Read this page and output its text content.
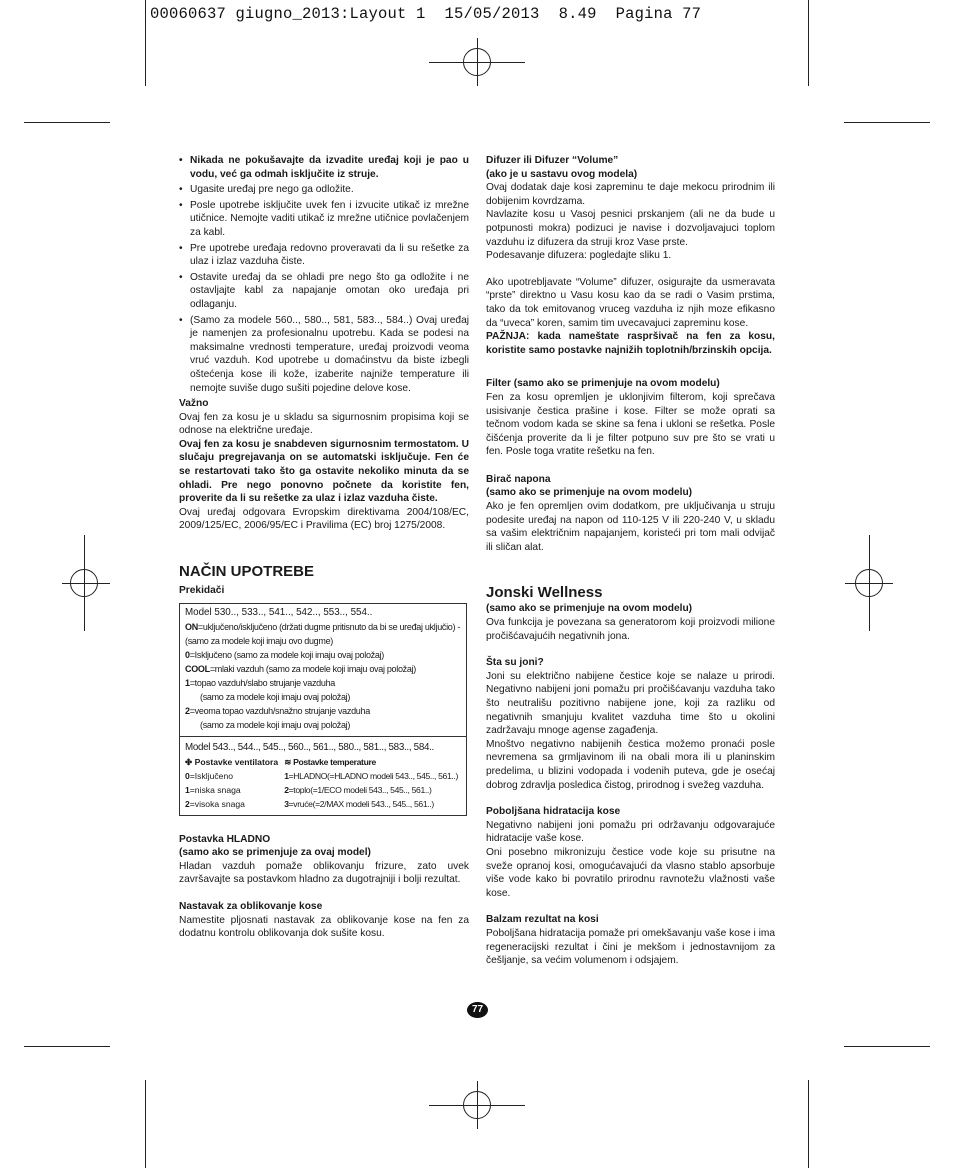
00060637 giugno_2013:Layout 1  15/05/2013  8.49  Pagina 77
• Nikada ne pokušavajte da izvadite uređaj koji je pao u vodu, već ga odmah isključite iz struje.
• Ugasite uređaj pre nego ga odložite.
• Posle upotrebe isključite uvek fen i izvucite utikač iz mrežne utičnice. Nemojte vaditi utikač iz mrežne utičnice povlačenjem za kabl.
• Pre upotrebe uređaja redovno proveravati da li su rešetke za ulaz i izlaz vazduha čiste.
• Ostavite uređaj da se ohladi pre nego što ga odložite i ne ostavljajte kabl za napajanje omotan oko uređaja pri odlaganju.
• (Samo za modele 560.., 580.., 581, 583.., 584..) Ovaj uređaj je namenjen za profesionalnu upotrebu. Kada se podesi na maksimalne vrednosti temperature, uređaj proizvodi veoma vruć vazduh. Kod upotrebe u domaćinstvu da biste izbegli oštećenja kose ili kože, izaberite najniže temperature ili nemojte suviše dugo sušiti pojedine delove kose.

Važno

Ovaj fen za kosu je u skladu sa sigurnosnim propisima koji se odnose na električne uređaje.

Ovaj fen za kosu je snabdeven sigurnosnim termostatom. U slučaju pregrejavanja on se automatski isključuje. Fen će se restartovati tako što ga ostavite nekoliko minuta da se ohladi. Pre nego ponovno počnete da koristite fen, proverite da li su rešetke za ulaz i izlaz vazduha čiste.

Ovaj uređaj odgovara Evropskim direktivama 2004/108/EC, 2009/125/EC, 2006/95/EC i Pravilima (EC) broj 1275/2008.

NAČIN UPOTREBE

Prekidači

Model 530.., 533.., 541.., 542.., 553.., 554..
ON=uključeno/isključeno (držati dugme pritisnuto da bi se uređaj uključio) - (samo za modele koji imaju ovo dugme)
0=Isključeno (samo za modele koji imaju ovaj položaj)
COOL=mlaki vazduh (samo za modele koji imaju ovaj položaj)
1=topao vazduh/slabo strujanje vazduha
(samo za modele koji imaju ovaj položaj)
2=veoma topao vazduh/snažno strujanje vazduha
(samo za modele koji imaju ovaj položaj)
Model 543.., 544.., 545.., 560.., 561.., 580.., 581.., 583.., 584..
✤ Postavke ventilatora
0=Isključeno
1=niska snaga
2=visoka snaga
≋ Postavke temperature
1=HLADNO(=HLADNO modeli 543.., 545.., 561..)
2=toplo(=1/ECO modeli 543.., 545.., 561..)
3=vruće(=2/MAX modeli 543.., 545.., 561..)

Postavka HLADNO

(samo ako se primenjuje za ovaj model)

Hladan vazduh pomaže oblikovanju frizure, zato uvek završavajte sa postavkom hladno za dugotrajniji i bolji rezultat.

Nastavak za oblikovanje kose

Namestite pljosnati nastavak za oblikovanje kose na fen za dodatnu kontrolu oblikovanja dok sušite kosu.

Difuzer ili Difuzer “Volume”

(ako je u sastavu ovog modela)

Ovaj dodatak daje kosi zapreminu te daje mekocu prirodnim ili dobijenim kovrdzama.

Navlazite kosu u Vasoj pesnici prskanjem (ali ne da bude u potpunosti mokra) podizuci je navise i dozvoljavajuci toplom vazduhu iz difuzera da struji kroz Vase prste.

Podesavanje difuzera: pogledajte sliku 1.

Ako upotrebljavate “Volume” difuzer, osigurajte da usmeravata “prste” direktno u Vasu kosu kao da se radi o Vasim prstima, tako da tok emitovanog vruceg vazduha iz njih moze efikasno da “uveca” koren, samim tim uvecavajuci zapreminu kose.

PAŽNJA: kada nameštate raspršivač na fen za kosu, koristite samo postavke najnižih toplotnih/brzinskih opcija.

Filter (samo ako se primenjuje na ovom modelu)

Fen za kosu opremljen je uklonjivim filterom, koji sprečava usisivanje čestica prašine i kose. Filter se može oprati sa tečnom vodom kada se skine sa fena i ukloni se rešetka. Posle čišćenja proverite da li je filter potpuno suv pre što se vrati u fen. Posle toga vratite rešetku na fen.

Birač napona

(samo ako se primenjuje na ovom modelu)

Ako je fen opremljen ovim dodatkom, pre uključivanja u struju podesite uređaj na napon od 110-125 V ili 220-240 V, u skladu sa vašim električnim napajanjem, koristeći pri tom mali odvijač ili sličan alat.

Jonski Wellness

(samo ako se primenjuje na ovom modelu)

Ova funkcija je povezana sa generatorom koji proizvodi milione pročišćavajućih negativnih jona.

Šta su joni?

Joni su električno nabijene čestice koje se nalaze u prirodi. Negativno nabijeni joni pomažu pri pročišćavanju vazduha tako što neutrališu pozitivno nabijene jone, koji za razliku od negativnih smanjuju kvalitet vazduha time što u okolini zadržavaju mnoge agense zagađenja.

Mnoštvo negativno nabijenih čestica možemo pronaći posle nevremena sa grmljavinom ili na obali mora ili u planinskim predelima, u blizini vodopada i vodenih puteva, gde je osećaj dobrog zdravlja posledica čistog, prirodnog i svežeg vazduha.

Poboljšana hidratacija kose

Negativno nabijeni joni pomažu pri održavanju odgovarajuće hidratacije vaše kose.

Oni posebno mikronizuju čestice vode koje su prisutne na sveže opranoj kosi, omogućavajući da vlasno stablo apsorbuje više vode kako bi povratilo prirodnu ravnotežu vlažnosti vaše kose.

Balzam rezultat na kosi

Poboljšana hidratacija pomaže pri omekšavanju vaše kose i ima regeneracijski rezultat i čini je mekšom i jednostavnijom za češljanje, sa većim volumenom i odsjajem.

77
